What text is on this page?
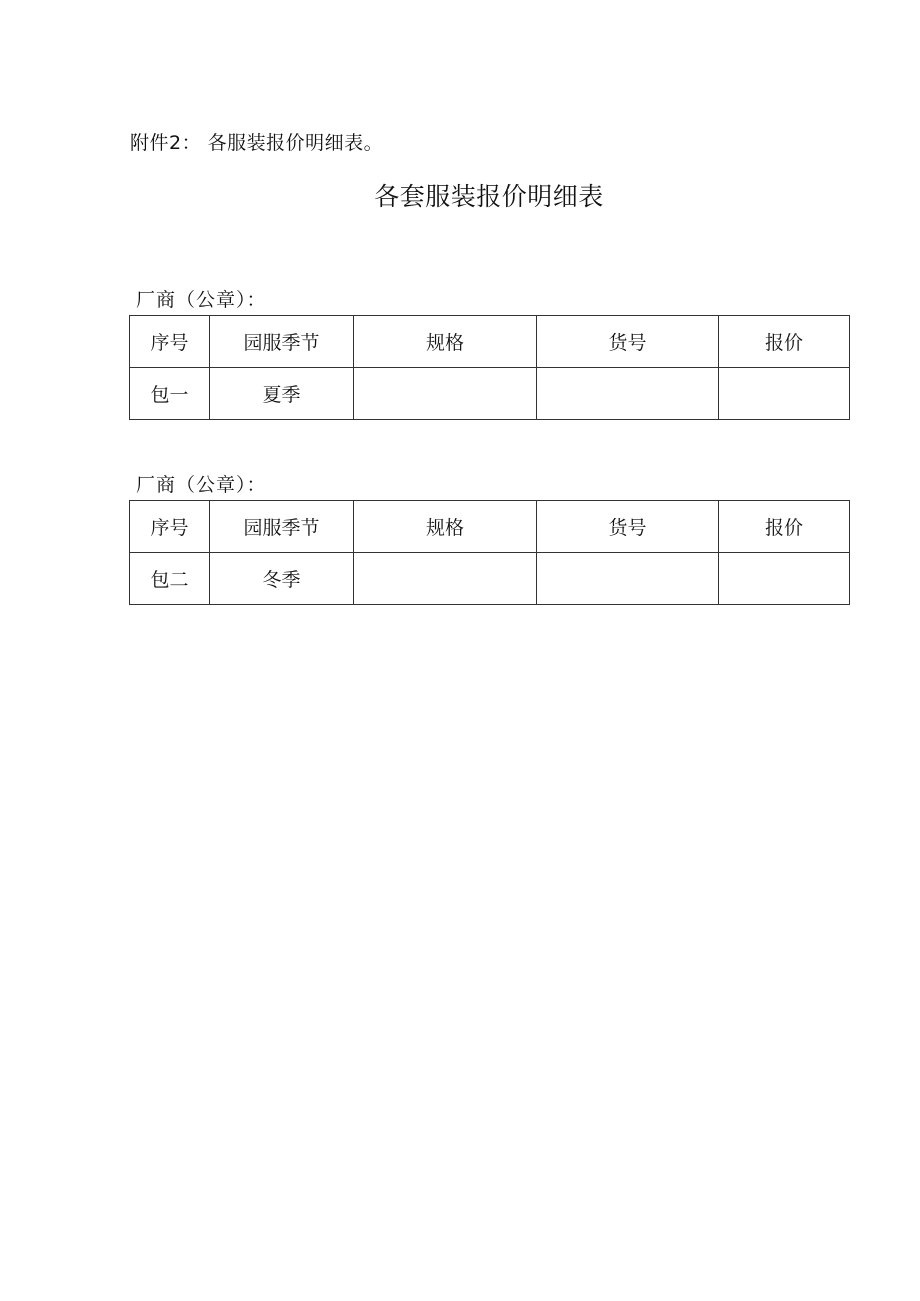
附件2： 各服装报价明细表。
各套服装报价明细表
厂商（公章）：
序号	园服季节	规格	货号	报价
包一	夏季			
厂商（公章）：
序号	园服季节	规格	货号	报价
包二	冬季			
